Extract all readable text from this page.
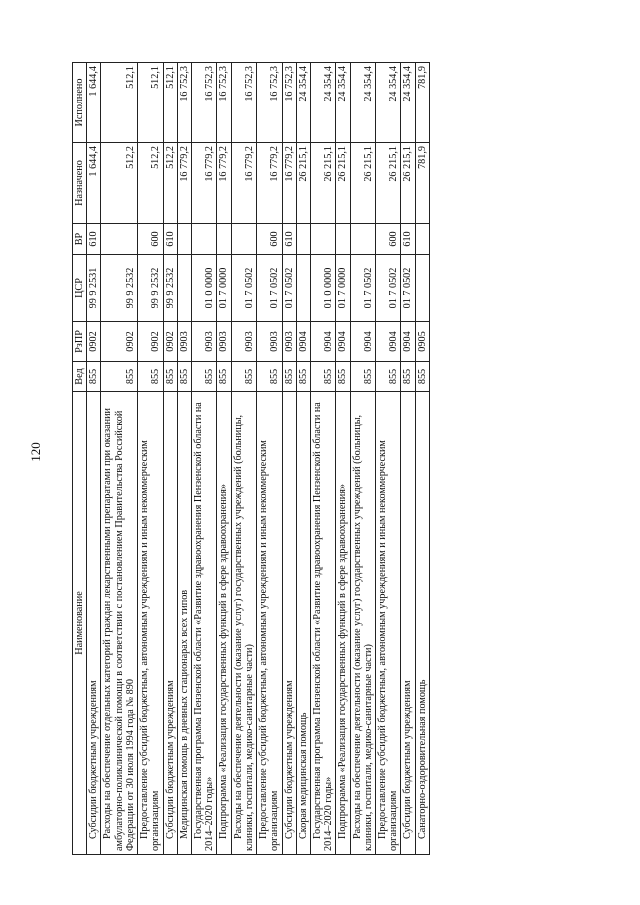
120
Наименование	Вед	РзПР	ЦСР	ВР	Назначено	Исполнено

Субсидии бюджетным учреждениям	855	0902	99 9 2531	610	1 644,4	1 644,4

Расходы на обеспечение отдельных категорий граждан лекарственными препаратами при оказании амбулаторно-поликлинической помощи в соответствии с постановлением Правительства Российской Федерации от 30 июля 1994 года № 890	855	0902	99 9 2532		512,2	512,1

Предоставление субсидий бюджетным, автономным учреждениям и иным некоммерческим организациям	855	0902	99 9 2532	600	512,2	512,1

Субсидии бюджетным учреждениям	855	0902	99 9 2532	610	512,2	512,1

Медицинская помощь в дневных стационарах всех типов	855	0903			16 779,2	16 752,3

Государственная программа Пензенской области «Развитие здравоохранения Пензенской области на 2014–2020 годы»	855	0903	01 0 0000		16 779,2	16 752,3

Подпрограмма «Реализация государственных функций в сфере здравоохранения»	855	0903	01 7 0000		16 779,2	16 752,3

Расходы на обеспечение деятельности (оказание услуг) государственных учреждений (больницы, клиники, госпитали, медико-санитарные части)	855	0903	01 7 0502		16 779,2	16 752,3

Предоставление субсидий бюджетным, автономным учреждениям и иным некоммерческим организациям	855	0903	01 7 0502	600	16 779,2	16 752,3

Субсидии бюджетным учреждениям	855	0903	01 7 0502	610	16 779,2	16 752,3

Скорая медицинская помощь	855	0904			26 215,1	24 354,4

Государственная программа Пензенской области «Развитие здравоохранения Пензенской области на 2014–2020 годы»	855	0904	01 0 0000		26 215,1	24 354,4

Подпрограмма «Реализация государственных функций в сфере здравоохранения»	855	0904	01 7 0000		26 215,1	24 354,4

Расходы на обеспечение деятельности (оказание услуг) государственных учреждений (больницы, клиники, госпитали, медико-санитарные части)	855	0904	01 7 0502		26 215,1	24 354,4

Предоставление субсидий бюджетным, автономным учреждениям и иным некоммерческим организациям	855	0904	01 7 0502	600	26 215,1	24 354,4

Субсидии бюджетным учреждениям	855	0904	01 7 0502	610	26 215,1	24 354,4

Санаторно-оздоровительная помощь	855	0905			781,9	781,9
